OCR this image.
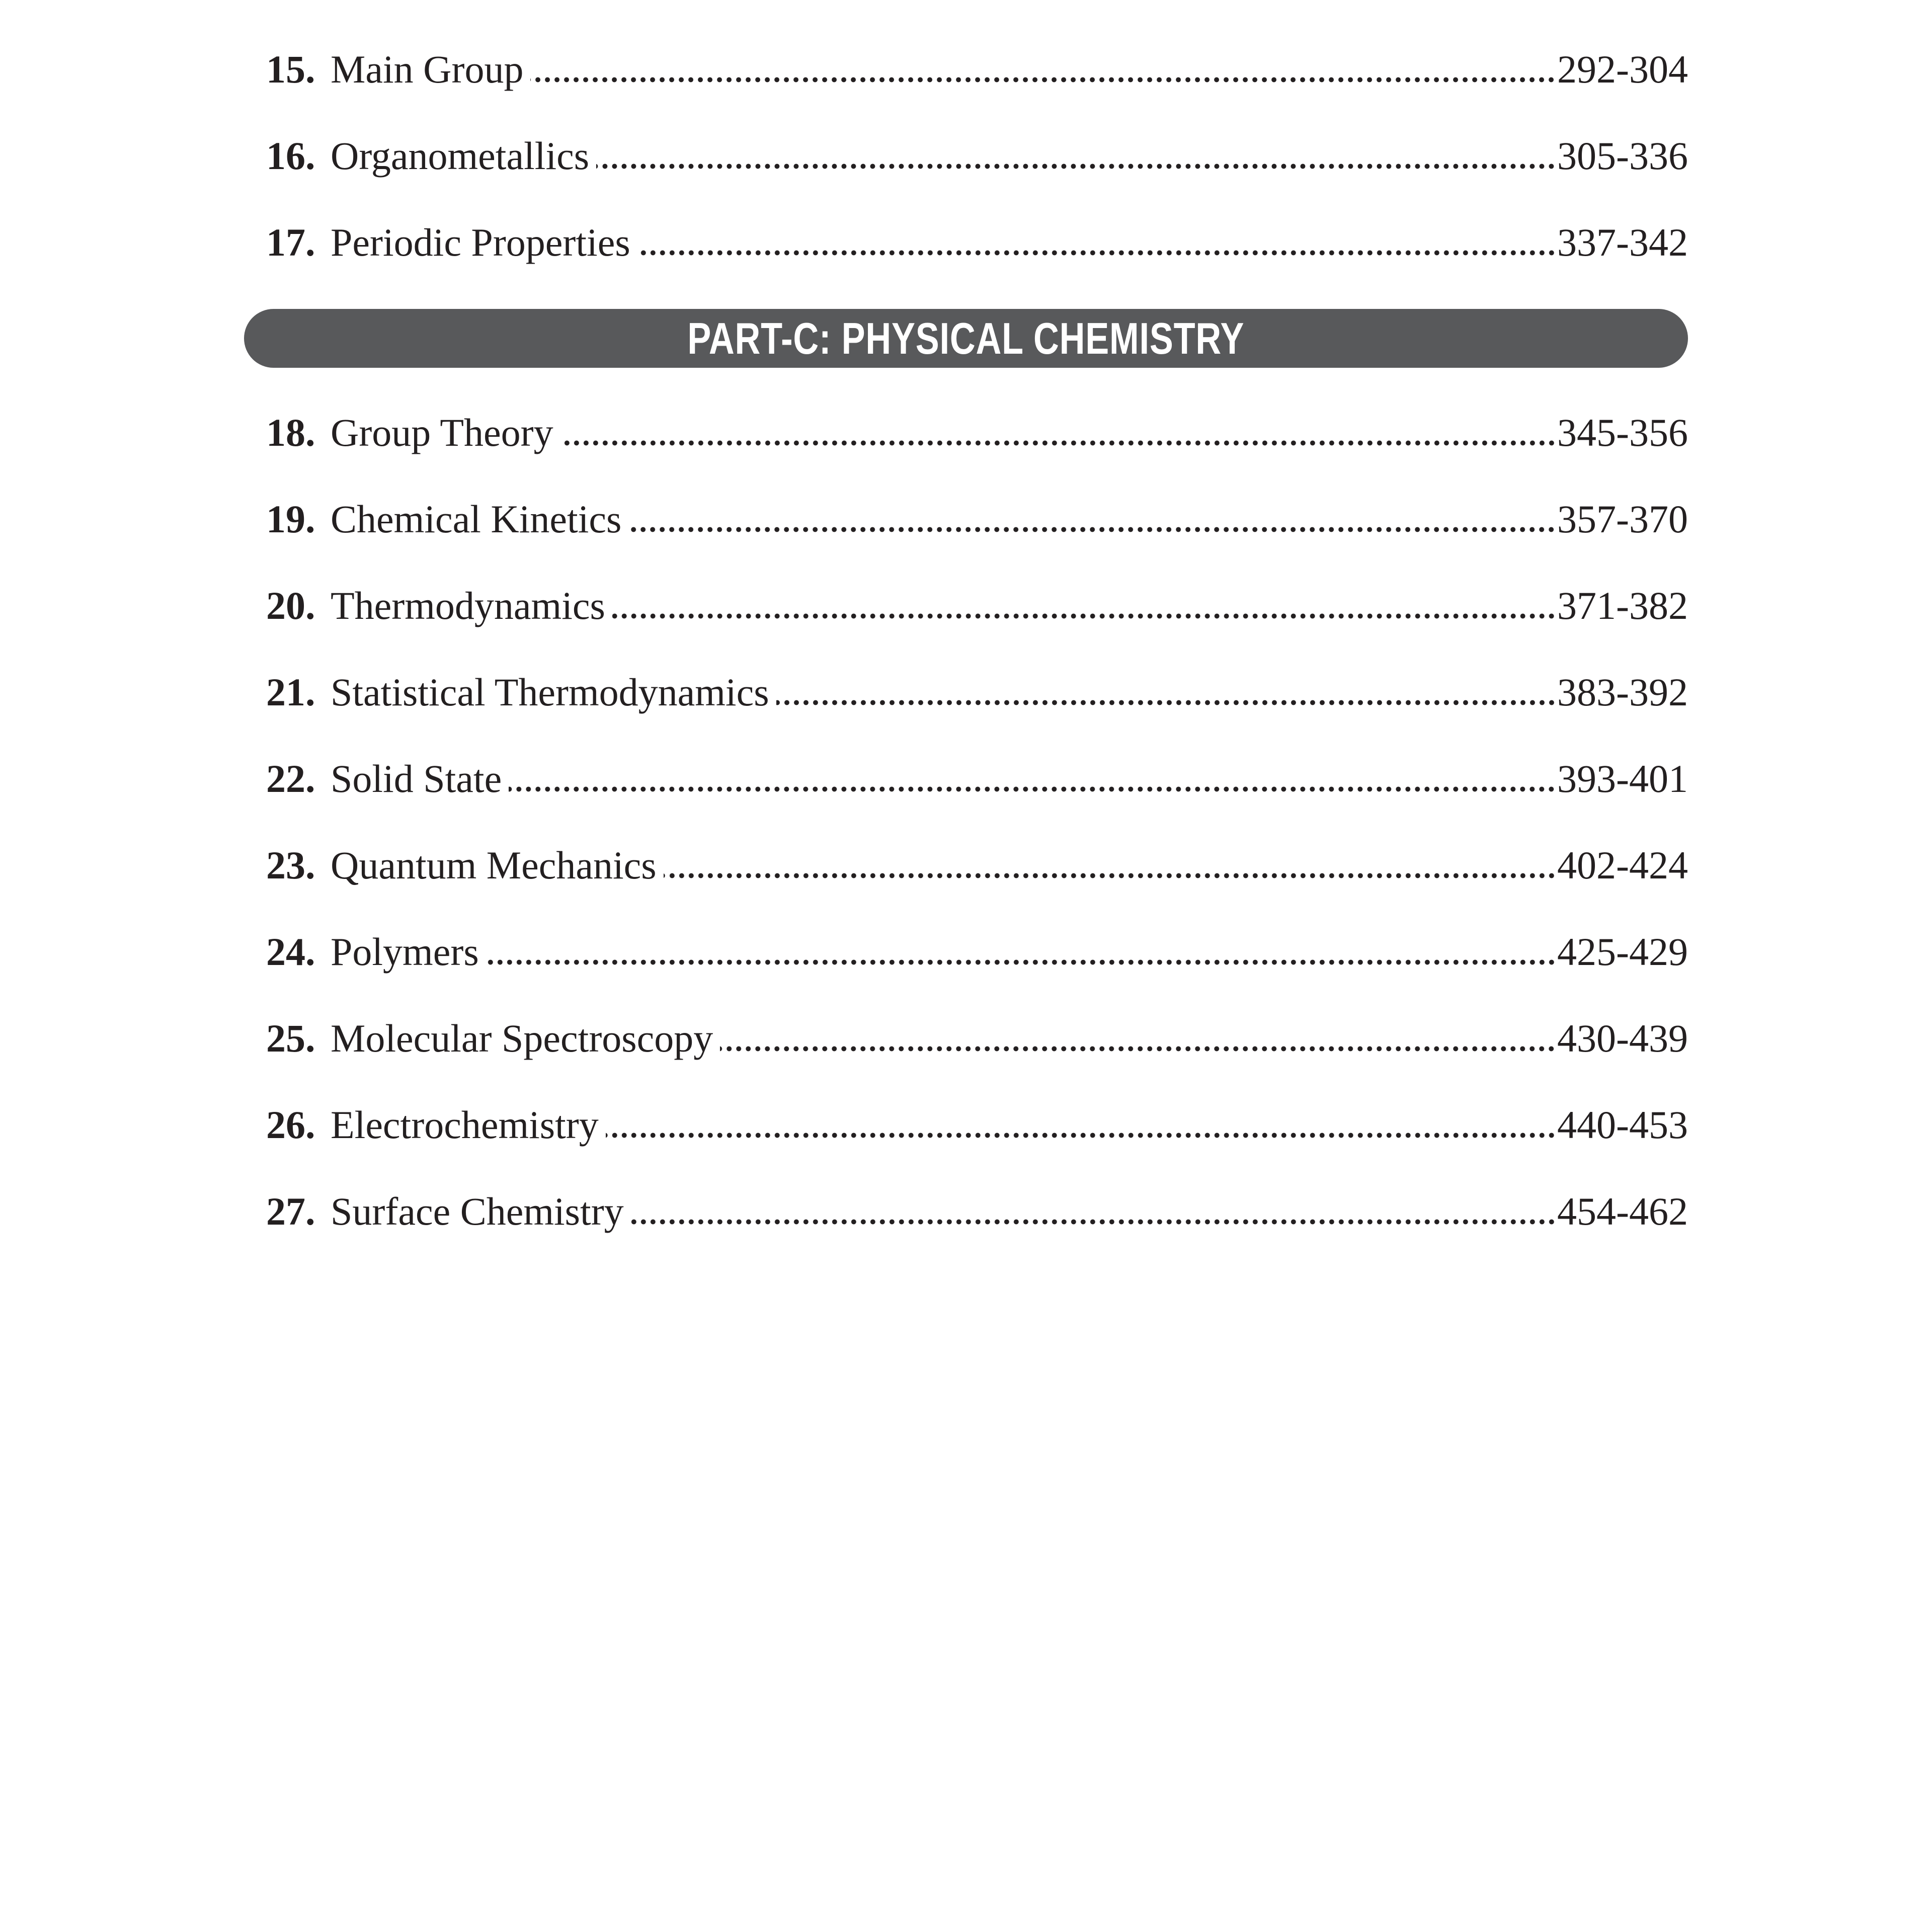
15. Main Group	292-304
16. Organometallics	305-336
17. Periodic Properties	337-342
PART-C: PHYSICAL CHEMISTRY
18. Group Theory	345-356
19. Chemical Kinetics	357-370
20. Thermodynamics	371-382
21. Statistical Thermodynamics	383-392
22. Solid State	393-401
23. Quantum Mechanics	402-424
24. Polymers	425-429
25. Molecular Spectroscopy	430-439
26. Electrochemistry	440-453
27. Surface Chemistry	454-462
